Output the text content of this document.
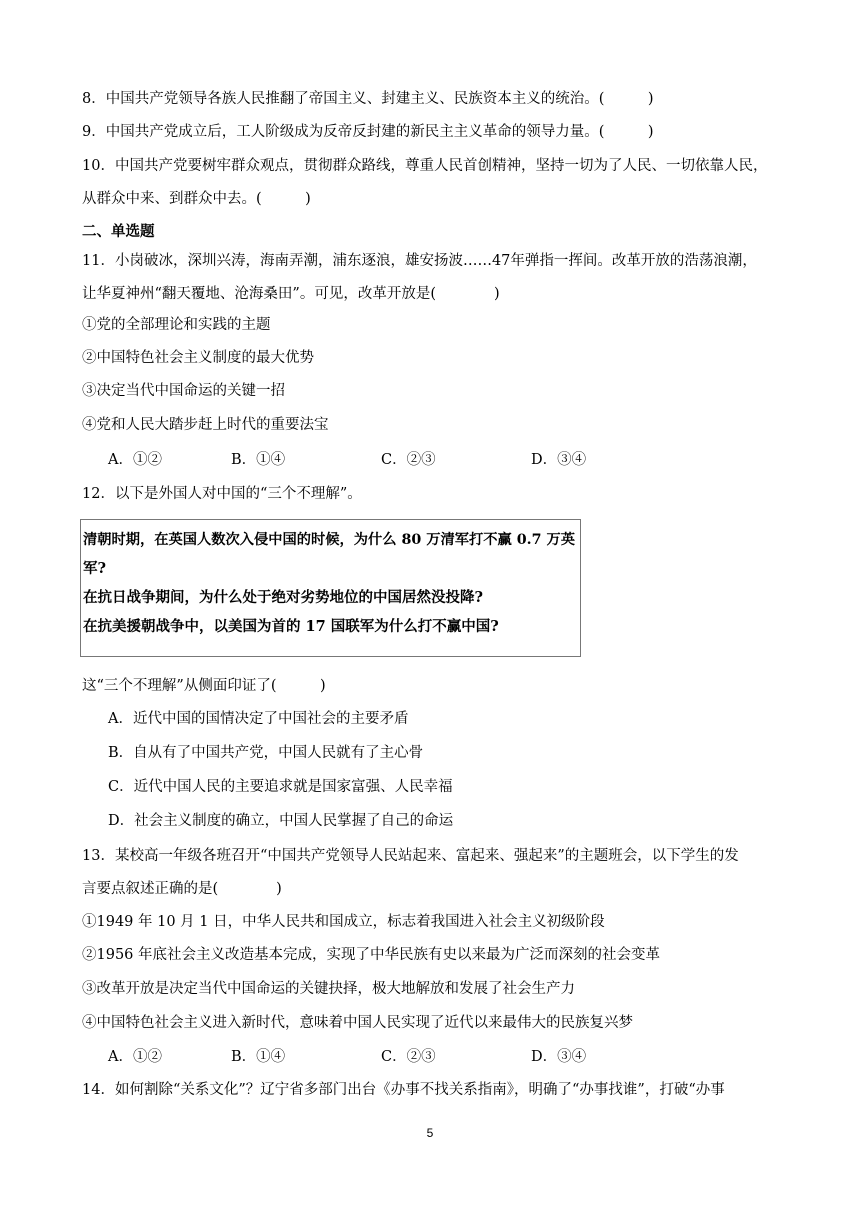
8．中国共产党领导各族人民推翻了帝国主义、封建主义、民族资本主义的统治。(　　　)
9．中国共产党成立后，工人阶级成为反帝反封建的新民主主义革命的领导力量。(　　　)
10．中国共产党要树牢群众观点，贯彻群众路线，尊重人民首创精神，坚持一切为了人民、一切依靠人民，
从群众中来、到群众中去。(　　　)
二、单选题
11．小岗破冰，深圳兴涛，海南弄潮，浦东逐浪，雄安扬波……47年弹指一挥间。改革开放的浩荡浪潮，
让华夏神州“翻天覆地、沧海桑田”。可见，改革开放是(　　　　)
①党的全部理论和实践的主题
②中国特色社会主义制度的最大优势
③决定当代中国命运的关键一招
④党和人民大踏步赶上时代的重要法宝
A．①②	B．①④	C．②③	D．③④
12．以下是外国人对中国的“三个不理解”。
清朝时期，在英国人数次入侵中国的时候，为什么 80 万清军打不赢 0.7 万英
军?
在抗日战争期间，为什么处于绝对劣势地位的中国居然没投降?
在抗美援朝战争中，以美国为首的 17 国联军为什么打不赢中国?
这“三个不理解”从侧面印证了(　　　)
A．近代中国的国情决定了中国社会的主要矛盾
B．自从有了中国共产党，中国人民就有了主心骨
C．近代中国人民的主要追求就是国家富强、人民幸福
D．社会主义制度的确立，中国人民掌握了自己的命运
13．某校高一年级各班召开“中国共产党领导人民站起来、富起来、强起来”的主题班会，以下学生的发
言要点叙述正确的是(　　　　)
①1949 年 10 月 1 日，中华人民共和国成立，标志着我国进入社会主义初级阶段
②1956 年底社会主义改造基本完成，实现了中华民族有史以来最为广泛而深刻的社会变革
③改革开放是决定当代中国命运的关键抉择，极大地解放和发展了社会生产力
④中国特色社会主义进入新时代，意味着中国人民实现了近代以来最伟大的民族复兴梦
A．①②	B．①④	C．②③	D．③④
14．如何割除“关系文化”？辽宁省多部门出台《办事不找关系指南》，明确了“办事找谁”，打破“办事
5
